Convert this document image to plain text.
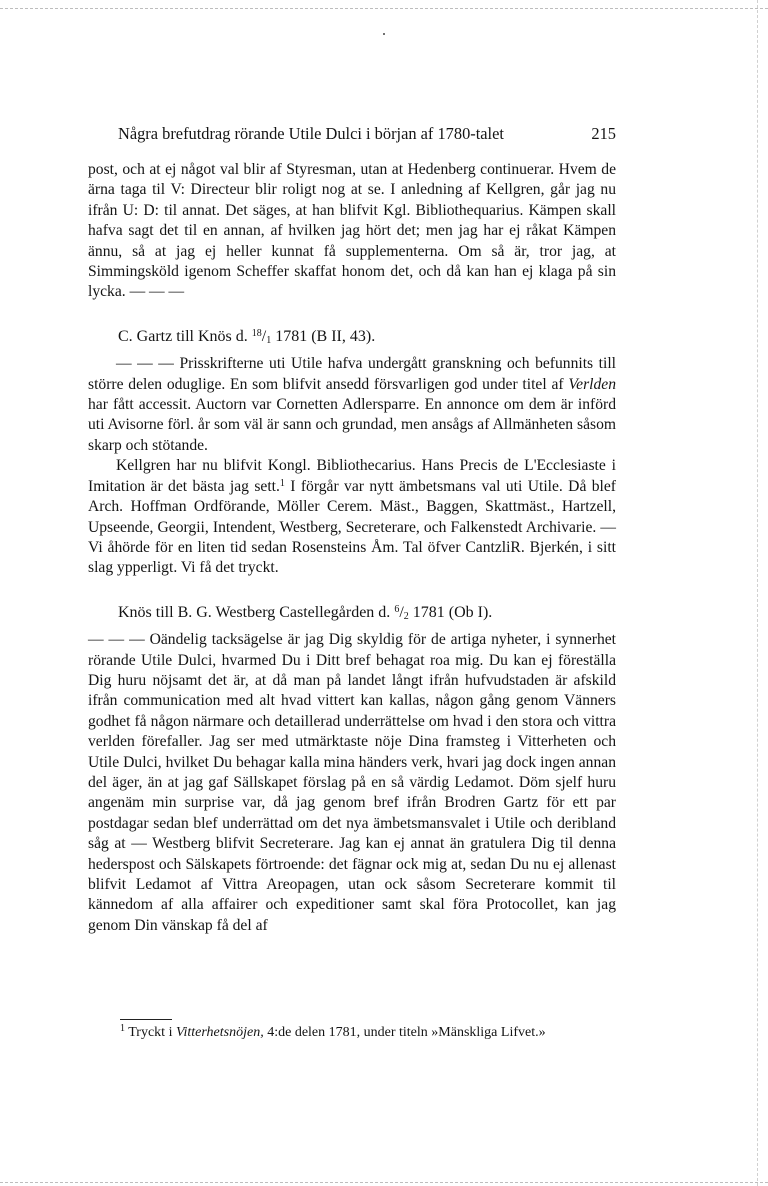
Några brefutdrag rörande Utile Dulci i början af 1780-talet	215

post, och at ej något val blir af Styresman, utan at Hedenberg continuerar. Hvem de ärna taga til V: Directeur blir roligt nog at se. I anledning af Kellgren, går jag nu ifrån U: D: til annat. Det säges, at han blifvit Kgl. Bibliothequarius. Kämpen skall hafva sagt det til en annan, af hvilken jag hört det; men jag har ej råkat Kämpen ännu, så at jag ej heller kunnat få supplementerna. Om så är, tror jag, at Simmingsköld igenom Scheffer skaffat honom det, och då kan han ej klaga på sin lycka. — — —

C. Gartz till Knös d. $^{18}/_1$ 1781 (B II, 43).

— — — Prisskrifterne uti Utile hafva undergått granskning och befunnits till större delen oduglige. En som blifvit ansedd försvarligen god under titel af Verlden har fått accessit. Auctorn var Cornetten Adlersparre. En annonce om dem är införd uti Avisorne förl. år som väl är sann och grundad, men ansågs af Allmänheten såsom skarp och stötande.

Kellgren har nu blifvit Kongl. Bibliothecarius. Hans Precis de L'Ecclesiaste i Imitation är det bästa jag sett.$^1$ I förgår var nytt ämbetsmans val uti Utile. Då blef Arch. Hoffman Ordförande, Möller Cerem. Mäst., Baggen, Skattmäst., Hartzell, Upseende, Georgii, Intendent, Westberg, Secreterare, och Falkenstedt Archivarie. — Vi åhörde för en liten tid sedan Rosensteins Åm. Tal öfver CantzliR. Bjerkén, i sitt slag ypperligt. Vi få det tryckt.

Knös till B. G. Westberg Castellegården d. $^6/_2$ 1781 (Ob I).

— — — Oändelig tacksägelse är jag Dig skyldig för de artiga nyheter, i synnerhet rörande Utile Dulci, hvarmed Du i Ditt bref behagat roa mig. Du kan ej föreställa Dig huru nöjsamt det är, at då man på landet långt ifrån hufvudstaden är afskild ifrån communication med alt hvad vittert kan kallas, någon gång genom Vänners godhet få någon närmare och detaillerad underrättelse om hvad i den stora och vittra verlden förefaller. Jag ser med utmärktaste nöje Dina framsteg i Vitterheten och Utile Dulci, hvilket Du behagar kalla mina händers verk, hvari jag dock ingen annan del äger, än at jag gaf Sällskapet förslag på en så värdig Ledamot. Döm sjelf huru angenäm min surprise var, då jag genom bref ifrån Brodren Gartz för ett par postdagar sedan blef underrättad om det nya ämbetsmansvalet i Utile och deribland såg at — Westberg blifvit Secreterare. Jag kan ej annat än gratulera Dig til denna hederspost och Sälskapets förtroende: det fägnar ock mig at, sedan Du nu ej allenast blifvit Ledamot af Vittra Areopagen, utan ock såsom Secreterare kommit til kännedom af alla affairer och expeditioner samt skal föra Protocollet, kan jag genom Din vänskap få del af

$^1$ Tryckt i Vitterhetsnöjen, 4:de delen 1781, under titeln »Mänskliga Lifvet.»
